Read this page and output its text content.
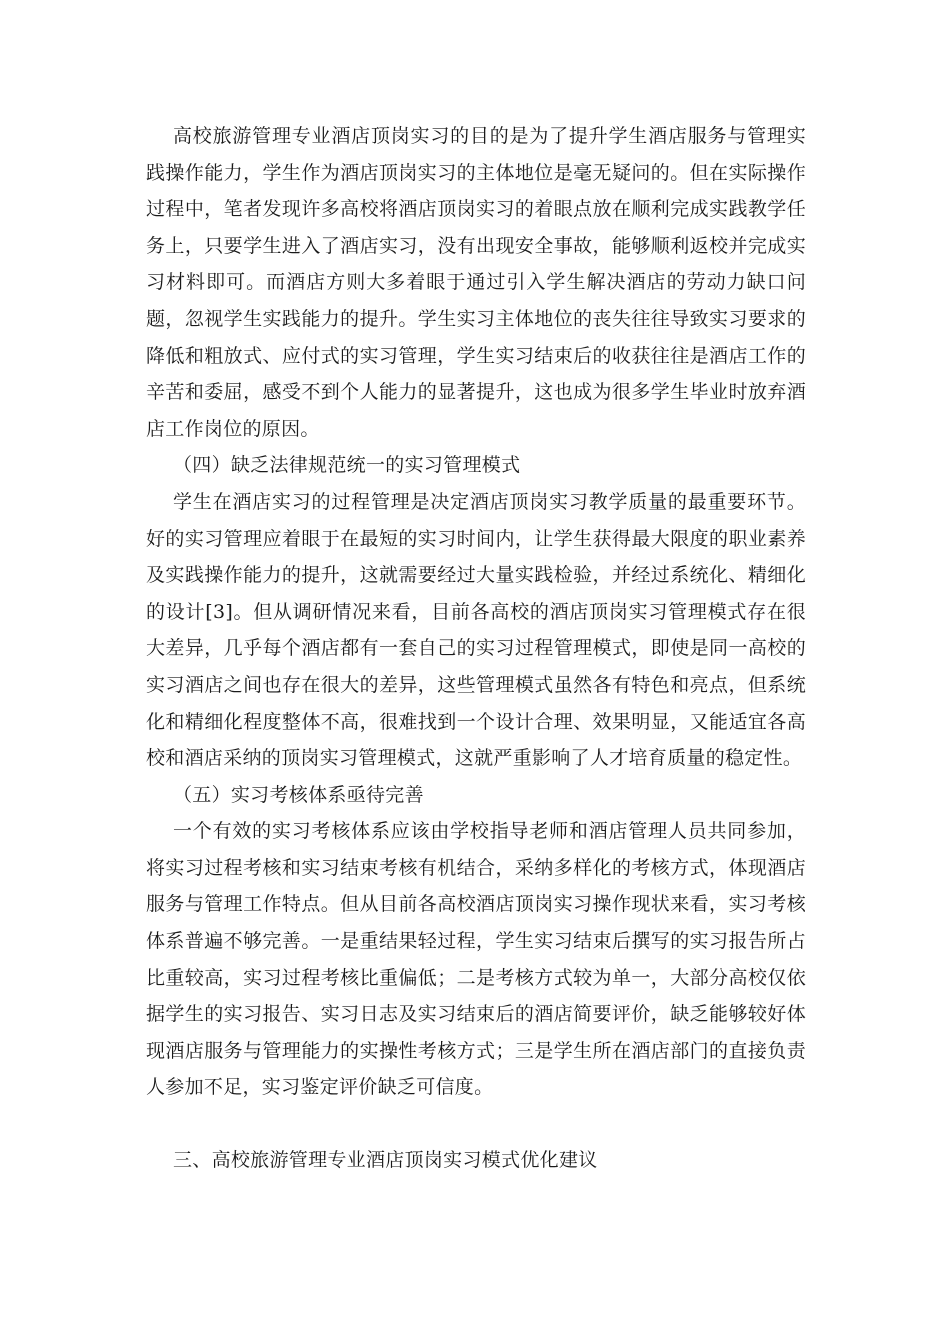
高校旅游管理专业酒店顶岗实习的目的是为了提升学生酒店服务与管理实践操作能力，学生作为酒店顶岗实习的主体地位是毫无疑问的。但在实际操作过程中，笔者发现许多高校将酒店顶岗实习的着眼点放在顺利完成实践教学任务上，只要学生进入了酒店实习，没有出现安全事故，能够顺利返校并完成实习材料即可。而酒店方则大多着眼于通过引入学生解决酒店的劳动力缺口问题，忽视学生实践能力的提升。学生实习主体地位的丧失往往导致实习要求的降低和粗放式、应付式的实习管理，学生实习结束后的收获往往是酒店工作的辛苦和委屈，感受不到个人能力的显著提升，这也成为很多学生毕业时放弃酒店工作岗位的原因。

（四）缺乏法律规范统一的实习管理模式

学生在酒店实习的过程管理是决定酒店顶岗实习教学质量的最重要环节。好的实习管理应着眼于在最短的实习时间内，让学生获得最大限度的职业素养及实践操作能力的提升，这就需要经过大量实践检验，并经过系统化、精细化的设计[3]。但从调研情况来看，目前各高校的酒店顶岗实习管理模式存在很大差异，几乎每个酒店都有一套自己的实习过程管理模式，即使是同一高校的实习酒店之间也存在很大的差异，这些管理模式虽然各有特色和亮点，但系统化和精细化程度整体不高，很难找到一个设计合理、效果明显，又能适宜各高校和酒店采纳的顶岗实习管理模式，这就严重影响了人才培育质量的稳定性。

（五）实习考核体系亟待完善

一个有效的实习考核体系应该由学校指导老师和酒店管理人员共同参加，将实习过程考核和实习结束考核有机结合，采纳多样化的考核方式，体现酒店服务与管理工作特点。但从目前各高校酒店顶岗实习操作现状来看，实习考核体系普遍不够完善。一是重结果轻过程，学生实习结束后撰写的实习报告所占比重较高，实习过程考核比重偏低；二是考核方式较为单一，大部分高校仅依据学生的实习报告、实习日志及实习结束后的酒店简要评价，缺乏能够较好体现酒店服务与管理能力的实操性考核方式；三是学生所在酒店部门的直接负责人参加不足，实习鉴定评价缺乏可信度。

三、高校旅游管理专业酒店顶岗实习模式优化建议
